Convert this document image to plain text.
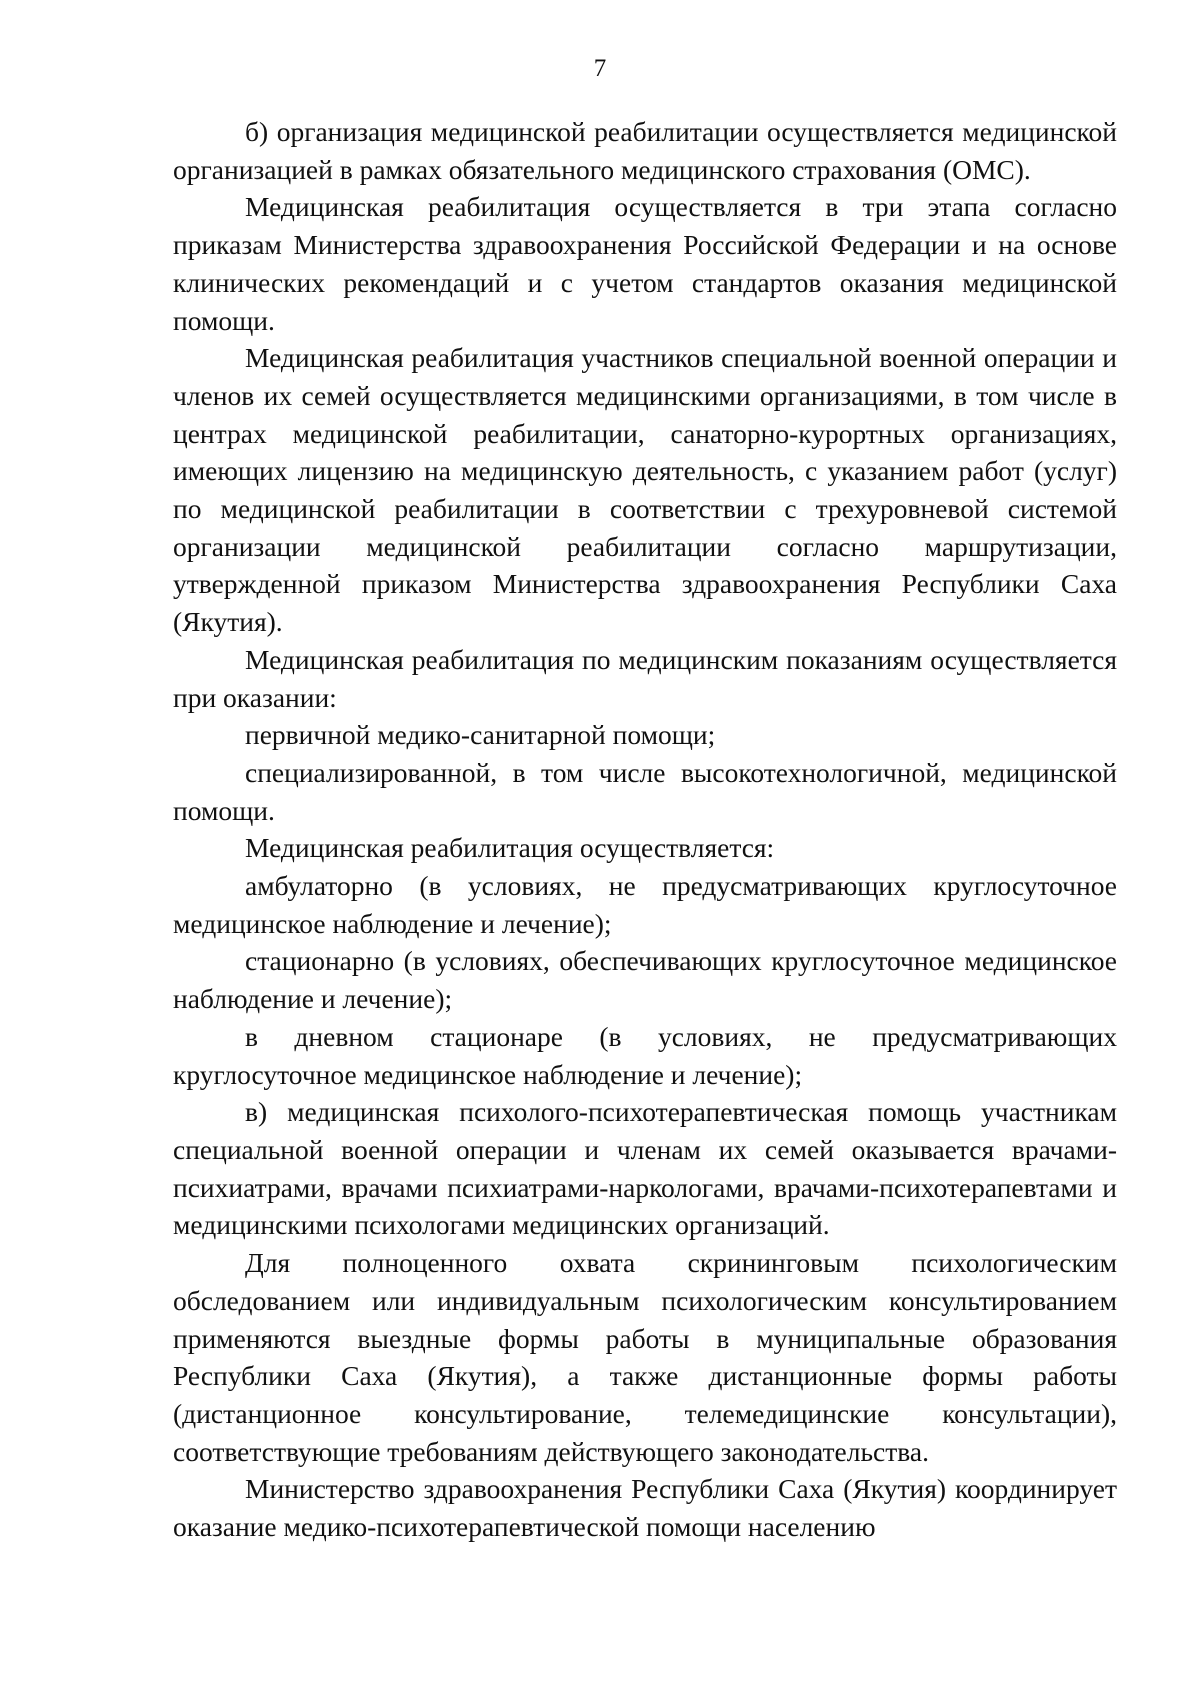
7

б) организация медицинской реабилитации осуществляется медицинской организацией в рамках обязательного медицинского страхования (ОМС).

Медицинская реабилитация осуществляется в три этапа согласно приказам Министерства здравоохранения Российской Федерации и на основе клинических рекомендаций и с учетом стандартов оказания медицинской помощи.

Медицинская реабилитация участников специальной военной операции и членов их семей осуществляется медицинскими организациями, в том числе в центрах медицинской реабилитации, санаторно-курортных организациях, имеющих лицензию на медицинскую деятельность, с указанием работ (услуг) по медицинской реабилитации в соответствии с трехуровневой системой организации медицинской реабилитации согласно маршрутизации, утвержденной приказом Министерства здравоохранения Республики Саха (Якутия).

Медицинская реабилитация по медицинским показаниям осуществляется при оказании:

первичной медико-санитарной помощи;

специализированной, в том числе высокотехнологичной, медицинской помощи.

Медицинская реабилитация осуществляется:

амбулаторно (в условиях, не предусматривающих круглосуточное медицинское наблюдение и лечение);

стационарно (в условиях, обеспечивающих круглосуточное медицинское наблюдение и лечение);

в дневном стационаре (в условиях, не предусматривающих круглосуточное медицинское наблюдение и лечение);

в) медицинская психолого-психотерапевтическая помощь участникам специальной военной операции и членам их семей оказывается врачами-психиатрами, врачами психиатрами-наркологами, врачами-психотерапевтами и медицинскими психологами медицинских организаций.

Для полноценного охвата скрининговым психологическим обследованием или индивидуальным психологическим консультированием применяются выездные формы работы в муниципальные образования Республики Саха (Якутия), а также дистанционные формы работы (дистанционное консультирование, телемедицинские консультации), соответствующие требованиям действующего законодательства.

Министерство здравоохранения Республики Саха (Якутия) координирует оказание медико-психотерапевтической помощи населению
